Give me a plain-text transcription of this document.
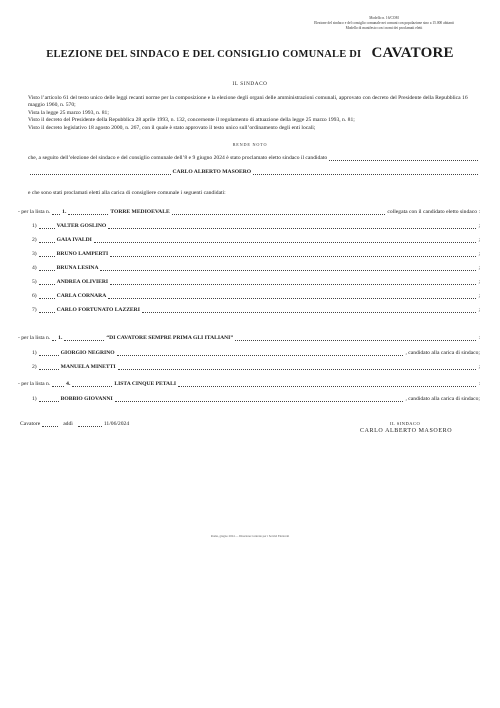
Modello n. 16/COM
Elezione del sindaco e del consiglio comunale nei comuni con popolazione sino a 15.000 abitanti
Modello di manifesto con i nomi dei proclamati eletti
ELEZIONE DEL SINDACO E DEL CONSIGLIO COMUNALE DI CAVATORE
IL SINDACO

Visto l’articolo 61 del testo unico delle leggi recanti norme per la composizione e la elezione degli organi delle amministrazioni comunali, approvato con decreto del Presidente della Repubblica 16 maggio 1960, n. 570;

Vista la legge 25 marzo 1993, n. 81;

Visto il decreto del Presidente della Repubblica 28 aprile 1993, n. 132, concernente il regolamento di attuazione della legge 25 marzo 1993, n. 81;

Visto il decreto legislativo 18 agosto 2000, n. 267, con il quale è stato approvato il testo unico sull’ordinamento degli enti locali;

RENDE NOTO
che, a seguito dell’elezione del sindaco e del consiglio comunale dell’8 e 9 giugno 2024 è stato proclamato eletto sindaco il candidato
CARLO ALBERTO MASOERO
e che sono stati proclamati eletti alla carica di consigliere comunale i seguenti candidati:
- per la lista n. 1.	TORRE MEDIOEVALE	collegata con il candidato eletto sindaco :
1)	VALTER GOSLINO	;
2)	GAIA IVALDI	;
3)	BRUNO LAMPERTI	;
4)	BRUNA LESINA	;
5)	ANDREA OLIVIERI	;
6)	CARLA CORNARA	;
7)	CARLO FORTUNATO LAZZERI	;
- per la lista n. 1.	“DI CAVATORE SEMPRE PRIMA GLI ITALIANI”	:
1)	GIORGIO NEGRINO	, candidato alla carica di sindaco;
2)	MANUELA MINETTI	;
- per la lista n.	4.	LISTA CINQUE PETALI	:
1)	BOBBIO GIOVANNI	, candidato alla carica di sindaco;
Cavatore	addì	11/06/2024	IL SINDACO
CARLO ALBERTO MASOERO
Roma, giugno 2024 — Direzione Centrale per i Servizi Elettorali
